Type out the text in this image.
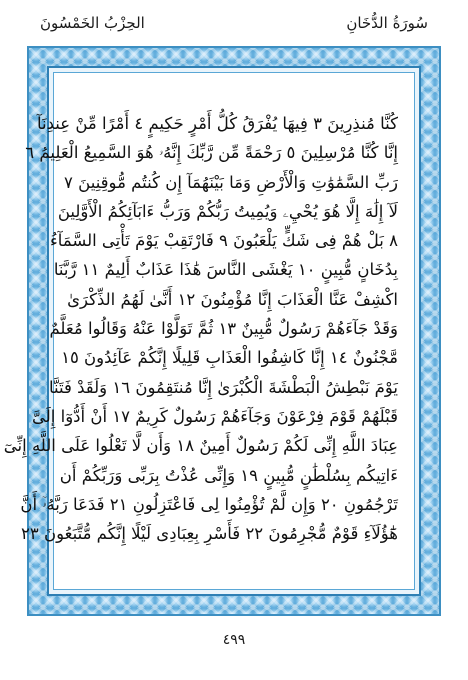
سُورَةُ الدُّخَانِ
الحِزْبُ الخَمْسُونَ
كُنَّا مُنذِرِينَ ٣ فِيهَا يُفْرَقُ كُلُّ أَمْرٍ حَكِيمٍ ٤ أَمْرًا مِّنْ عِندِنَآ
إِنَّا كُنَّا مُرْسِلِينَ ٥ رَحْمَةً مِّن رَّبِّكَ إِنَّهُۥ هُوَ السَّمِيعُ الْعَلِيمُ ٦
رَبِّ السَّمَٰوَٰتِ وَالْأَرْضِ وَمَا بَيْنَهُمَآ إِن كُنتُم مُّوقِنِينَ ٧
لَآ إِلَٰهَ إِلَّا هُوَ يُحْيِۦ وَيُمِيتُ رَبُّكُمْ وَرَبُّ ءَابَآئِكُمُ الْأَوَّلِينَ
٨ بَلْ هُمْ فِى شَكٍّ يَلْعَبُونَ ٩ فَارْتَقِبْ يَوْمَ تَأْتِى السَّمَآءُ
بِدُخَانٍ مُّبِينٍ ١٠ يَغْشَى النَّاسَ هَٰذَا عَذَابٌ أَلِيمٌ ١١ رَّبَّنَا
اكْشِفْ عَنَّا الْعَذَابَ إِنَّا مُؤْمِنُونَ ١٢ أَنَّىٰ لَهُمُ الذِّكْرَىٰ
وَقَدْ جَآءَهُمْ رَسُولٌ مُّبِينٌ ١٣ ثُمَّ تَوَلَّوْا عَنْهُ وَقَالُوا مُعَلَّمٌ
مَّجْنُونٌ ١٤ إِنَّا كَاشِفُوا الْعَذَابِ قَلِيلًا إِنَّكُمْ عَآئِدُونَ ١٥
يَوْمَ نَبْطِشُ الْبَطْشَةَ الْكُبْرَىٰ إِنَّا مُنتَقِمُونَ ١٦ وَلَقَدْ فَتَنَّا
قَبْلَهُمْ قَوْمَ فِرْعَوْنَ وَجَآءَهُمْ رَسُولٌ كَرِيمٌ ١٧ أَنْ أَدُّوٓا إِلَىَّ
عِبَادَ اللَّهِ إِنِّى لَكُمْ رَسُولٌ أَمِينٌ ١٨ وَأَن لَّا تَعْلُوا عَلَى اللَّهِ إِنِّىٓ
ءَاتِيكُم بِسُلْطَٰنٍ مُّبِينٍ ١٩ وَإِنِّى عُذْتُ بِرَبِّى وَرَبِّكُمْ أَن
تَرْجُمُونِ ٢٠ وَإِن لَّمْ تُؤْمِنُوا لِى فَاعْتَزِلُونِ ٢١ فَدَعَا رَبَّهُۥٓ أَنَّ
هَٰٓؤُلَآءِ قَوْمٌ مُّجْرِمُونَ ٢٢ فَأَسْرِ بِعِبَادِى لَيْلًا إِنَّكُم مُّتَّبَعُونَ ٢٣
٤٩٩
